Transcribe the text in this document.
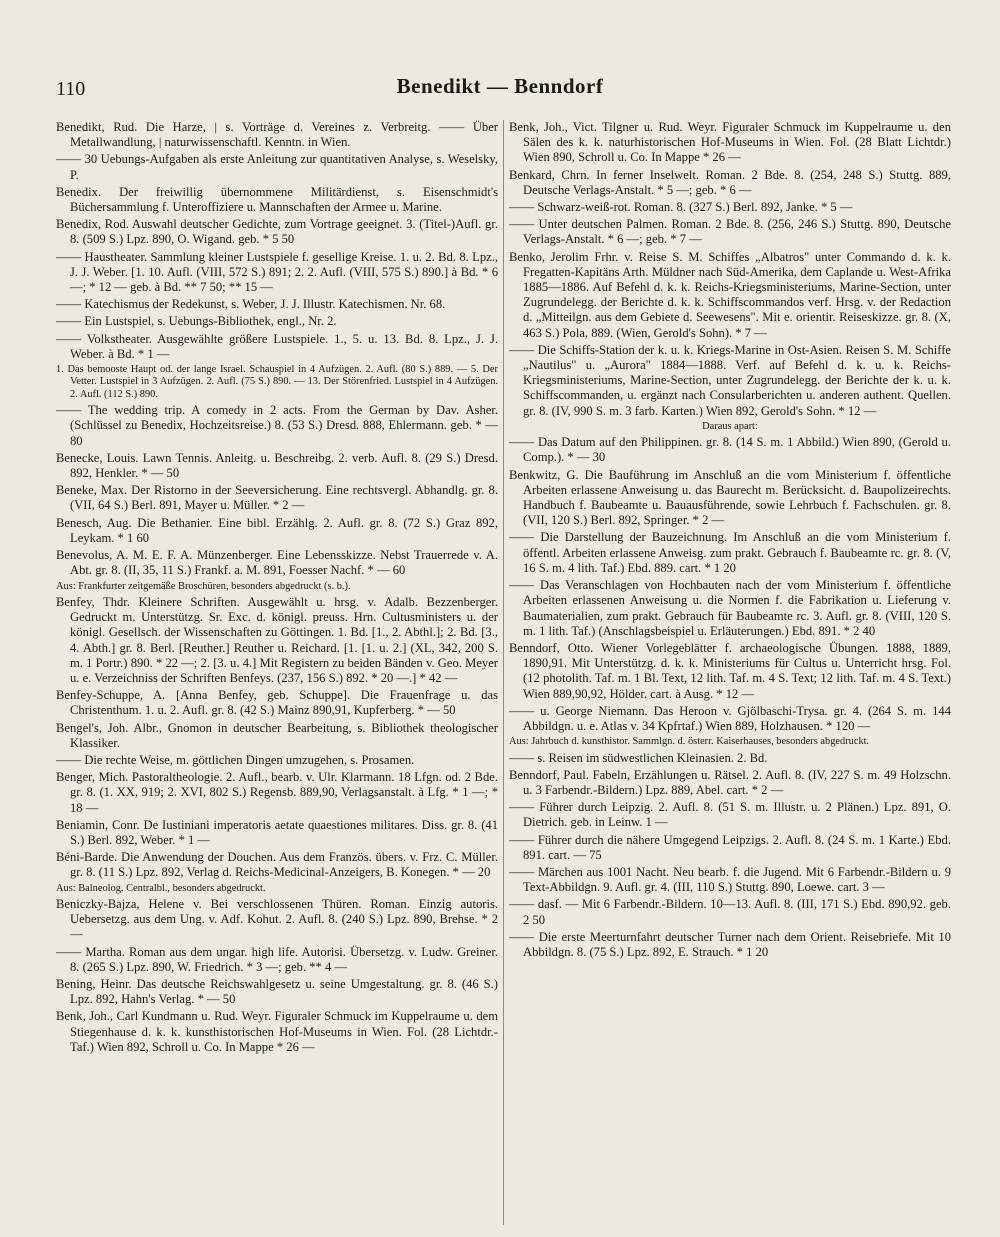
110	Benedikt — Benndorf

Benedikt, Rud. Die Harze, | s. Vorträge d. Vereines z. Verbreitg. —— Über Metallwandlung, | naturwissenschaftl. Kenntn. in Wien.

—— 30 Uebungs-Aufgaben als erste Anleitung zur quantitativen Analyse, s. Weselsky, P.

Benedix. Der freiwillig übernommene Militärdienst, s. Eisenschmidt's Büchersammlung f. Unteroffiziere u. Mannschaften der Armee u. Marine.

Benedix, Rod. Auswahl deutscher Gedichte, zum Vortrage geeignet. 3. (Titel-)Aufl. gr. 8. (509 S.) Lpz. 890, O. Wigand. geb. * 5 50

—— Haustheater. Sammlung kleiner Lustspiele f. gesellige Kreise. 1. u. 2. Bd. 8. Lpz., J. J. Weber. [1. 10. Aufl. (VIII, 572 S.) 891; 2. 2. Aufl. (VIII, 575 S.) 890.] à Bd. * 6 —; * 12 — geb. à Bd. ** 7 50; ** 15 —

—— Katechismus der Redekunst, s. Weber, J. J. Illustr. Katechismen. Nr. 68.

—— Ein Lustspiel, s. Uebungs-Bibliothek, engl., Nr. 2.

—— Volkstheater. Ausgewählte größere Lustspiele. 1., 5. u. 13. Bd. 8. Lpz., J. J. Weber. à Bd. * 1 —

1. Das bemooste Haupt od. der lange Israel. Schauspiel in 4 Aufzügen. 2. Aufl. (80 S.) 889. — 5. Der Vetter. Lustspiel in 3 Aufzügen. 2. Aufl. (75 S.) 890. — 13. Der Störenfried. Lustspiel in 4 Aufzügen. 2. Aufl. (112 S.) 890.

—— The wedding trip. A comedy in 2 acts. From the German by Dav. Asher. (Schlüssel zu Benedix, Hochzeitsreise.) 8. (53 S.) Dresd. 888, Ehlermann. geb. * — 80

Benecke, Louis. Lawn Tennis. Anleitg. u. Beschreibg. 2. verb. Aufl. 8. (29 S.) Dresd. 892, Henkler. * — 50

Beneke, Max. Der Ristorno in der Seeversicherung. Eine rechtsvergl. Abhandlg. gr. 8. (VII, 64 S.) Berl. 891, Mayer u. Müller. * 2 —

Benesch, Aug. Die Bethanier. Eine bibl. Erzählg. 2. Aufl. gr. 8. (72 S.) Graz 892, Leykam. * 1 60

Benevolus, A. M. E. F. A. Münzenberger. Eine Lebensskizze. Nebst Trauerrede v. A. Abt. gr. 8. (II, 35, 11 S.) Frankf. a. M. 891, Foesser Nachf. * — 60

Aus: Frankfurter zeitgemäße Broschüren, besonders abgedruckt (s. b.).

Benfey, Thdr. Kleinere Schriften. Ausgewählt u. hrsg. v. Adalb. Bezzenberger. Gedruckt m. Unterstützg. Sr. Exc. d. königl. preuss. Hrn. Cultusministers u. der königl. Gesellsch. der Wissenschaften zu Göttingen. 1. Bd. [1., 2. Abthl.]; 2. Bd. [3., 4. Abth.] gr. 8. Berl. [Reuther.] Reuther u. Reichard. [1. [1. u. 2.] (XL, 342, 200 S. m. 1 Portr.) 890. * 22 —; 2. [3. u. 4.] Mit Registern zu beiden Bänden v. Geo. Meyer u. e. Verzeichniss der Schriften Benfeys. (237, 156 S.) 892. * 20 —.] * 42 —

Benfey-Schuppe, A. [Anna Benfey, geb. Schuppe]. Die Frauenfrage u. das Christenthum. 1. u. 2. Aufl. gr. 8. (42 S.) Mainz 890,91, Kupferberg. * — 50

Bengel's, Joh. Albr., Gnomon in deutscher Bearbeitung, s. Bibliothek theologischer Klassiker.

—— Die rechte Weise, m. göttlichen Dingen umzugehen, s. Prosamen.

Benger, Mich. Pastoraltheologie. 2. Aufl., bearb. v. Ulr. Klarmann. 18 Lfgn. od. 2 Bde. gr. 8. (1. XX, 919; 2. XVI, 802 S.) Regensb. 889,90, Verlagsanstalt. à Lfg. * 1 —; * 18 —

Beniamin, Conr. De Iustiniani imperatoris aetate quaestiones militares. Diss. gr. 8. (41 S.) Berl. 892, Weber. * 1 —

Béni-Barde. Die Anwendung der Douchen. Aus dem Französ. übers. v. Frz. C. Müller. gr. 8. (11 S.) Lpz. 892, Verlag d. Reichs-Medicinal-Anzeigers, B. Konegen. * — 20

Aus: Balneolog. Centralbl., besonders abgedruckt.

Beniczky-Bajza, Helene v. Bei verschlossenen Thüren. Roman. Einzig autoris. Uebersetzg. aus dem Ung. v. Adf. Kohut. 2. Aufl. 8. (240 S.) Lpz. 890, Brehse. * 2 —

—— Martha. Roman aus dem ungar. high life. Autorisi. Übersetzg. v. Ludw. Greiner. 8. (265 S.) Lpz. 890, W. Friedrich. * 3 —; geb. ** 4 —

Bening, Heinr. Das deutsche Reichswahlgesetz u. seine Umgestaltung. gr. 8. (46 S.) Lpz. 892, Hahn's Verlag. * — 50

Benk, Joh., Carl Kundmann u. Rud. Weyr. Figuraler Schmuck im Kuppelraume u. dem Stiegenhause d. k. k. kunsthistorischen Hof-Museums in Wien. Fol. (28 Lichtdr.-Taf.) Wien 892, Schroll u. Co. In Mappe * 26 —

Benk, Joh., Vict. Tilgner u. Rud. Weyr. Figuraler Schmuck im Kuppelraume u. den Sälen des k. k. naturhistorischen Hof-Museums in Wien. Fol. (28 Blatt Lichtdr.) Wien 890, Schroll u. Co. In Mappe * 26 —

Benkard, Chrn. In ferner Inselwelt. Roman. 2 Bde. 8. (254, 248 S.) Stuttg. 889, Deutsche Verlags-Anstalt. * 5 —; geb. * 6 —

—— Schwarz-weiß-rot. Roman. 8. (327 S.) Berl. 892, Janke. * 5 —

—— Unter deutschen Palmen. Roman. 2 Bde. 8. (256, 246 S.) Stuttg. 890, Deutsche Verlags-Anstalt. * 6 —; geb. * 7 —

Benko, Jerolim Frhr. v. Reise S. M. Schiffes „Albatros" unter Commando d. k. k. Fregatten-Kapitäns Arth. Müldner nach Süd-Amerika, dem Caplande u. West-Afrika 1885—1886. Auf Befehl d. k. k. Reichs-Kriegsministeriums, Marine-Section, unter Zugrundelegg. der Berichte d. k. k. Schiffscommandos verf. Hrsg. v. der Redaction d. „Mitteilgn. aus dem Gebiete d. Seewesens". Mit e. orientir. Reiseskizze. gr. 8. (X, 463 S.) Pola, 889. (Wien, Gerold's Sohn). * 7 —

—— Die Schiffs-Station der k. u. k. Kriegs-Marine in Ost-Asien. Reisen S. M. Schiffe „Nautilus" u. „Aurora" 1884—1888. Verf. auf Befehl d. k. u. k. Reichs-Kriegsministeriums, Marine-Section, unter Zugrundelegg. der Berichte der k. u. k. Schiffscommanden, u. ergänzt nach Consularberichten u. anderen authent. Quellen. gr. 8. (IV, 990 S. m. 3 farb. Karten.) Wien 892, Gerold's Sohn. * 12 —

Daraus apart:

—— Das Datum auf den Philippinen. gr. 8. (14 S. m. 1 Abbild.) Wien 890, (Gerold u. Comp.). * — 30

Benkwitz, G. Die Bauführung im Anschluß an die vom Ministerium f. öffentliche Arbeiten erlassene Anweisung u. das Baurecht m. Berücksicht. d. Baupolizeirechts. Handbuch f. Baubeamte u. Bauausführende, sowie Lehrbuch f. Fachschulen. gr. 8. (VII, 120 S.) Berl. 892, Springer. * 2 —

—— Die Darstellung der Bauzeichnung. Im Anschluß an die vom Ministerium f. öffentl. Arbeiten erlassene Anweisg. zum prakt. Gebrauch f. Baubeamte rc. gr. 8. (V, 16 S. m. 4 lith. Taf.) Ebd. 889. cart. * 1 20

—— Das Veranschlagen von Hochbauten nach der vom Ministerium f. öffentliche Arbeiten erlassenen Anweisung u. die Normen f. die Fabrikation u. Lieferung v. Baumaterialien, zum prakt. Gebrauch für Baubeamte rc. 3. Aufl. gr. 8. (VIII, 120 S. m. 1 lith. Taf.) (Anschlagsbeispiel u. Erläuterungen.) Ebd. 891. * 2 40

Benndorf, Otto. Wiener Vorlegeblätter f. archaeologische Übungen. 1888, 1889, 1890,91. Mit Unterstützg. d. k. k. Ministeriums für Cultus u. Unterricht hrsg. Fol. (12 photolith. Taf. m. 1 Bl. Text, 12 lith. Taf. m. 4 S. Text; 12 lith. Taf. m. 4 S. Text.) Wien 889,90,92, Hölder. cart. à Ausg. * 12 —

—— u. George Niemann. Das Heroon v. Gjölbaschi-Trysa. gr. 4. (264 S. m. 144 Abbildgn. u. e. Atlas v. 34 Kpfrtaf.) Wien 889, Holzhausen. * 120 —

Aus: Jahrbuch d. kunsthistor. Sammlgn. d. österr. Kaiserhauses, besonders abgedruckt.

—— s. Reisen im südwestlichen Kleinasien. 2. Bd.

Benndorf, Paul. Fabeln, Erzählungen u. Rätsel. 2. Aufl. 8. (IV, 227 S. m. 49 Holzschn. u. 3 Farbendr.-Bildern.) Lpz. 889, Abel. cart. * 2 —

—— Führer durch Leipzig. 2. Aufl. 8. (51 S. m. Illustr. u. 2 Plänen.) Lpz. 891, O. Dietrich. geb. in Leinw. 1 —

—— Führer durch die nähere Umgegend Leipzigs. 2. Aufl. 8. (24 S. m. 1 Karte.) Ebd. 891. cart. — 75

—— Märchen aus 1001 Nacht. Neu bearb. f. die Jugend. Mit 6 Farbendr.-Bildern u. 9 Text-Abbildgn. 9. Aufl. gr. 4. (III, 110 S.) Stuttg. 890, Loewe. cart. 3 —

—— dasf. — Mit 6 Farbendr.-Bildern. 10—13. Aufl. 8. (III, 171 S.) Ebd. 890,92. geb. 2 50

—— Die erste Meerturnfahrt deutscher Turner nach dem Orient. Reisebriefe. Mit 10 Abbildgn. 8. (75 S.) Lpz. 892, E. Strauch. * 1 20
